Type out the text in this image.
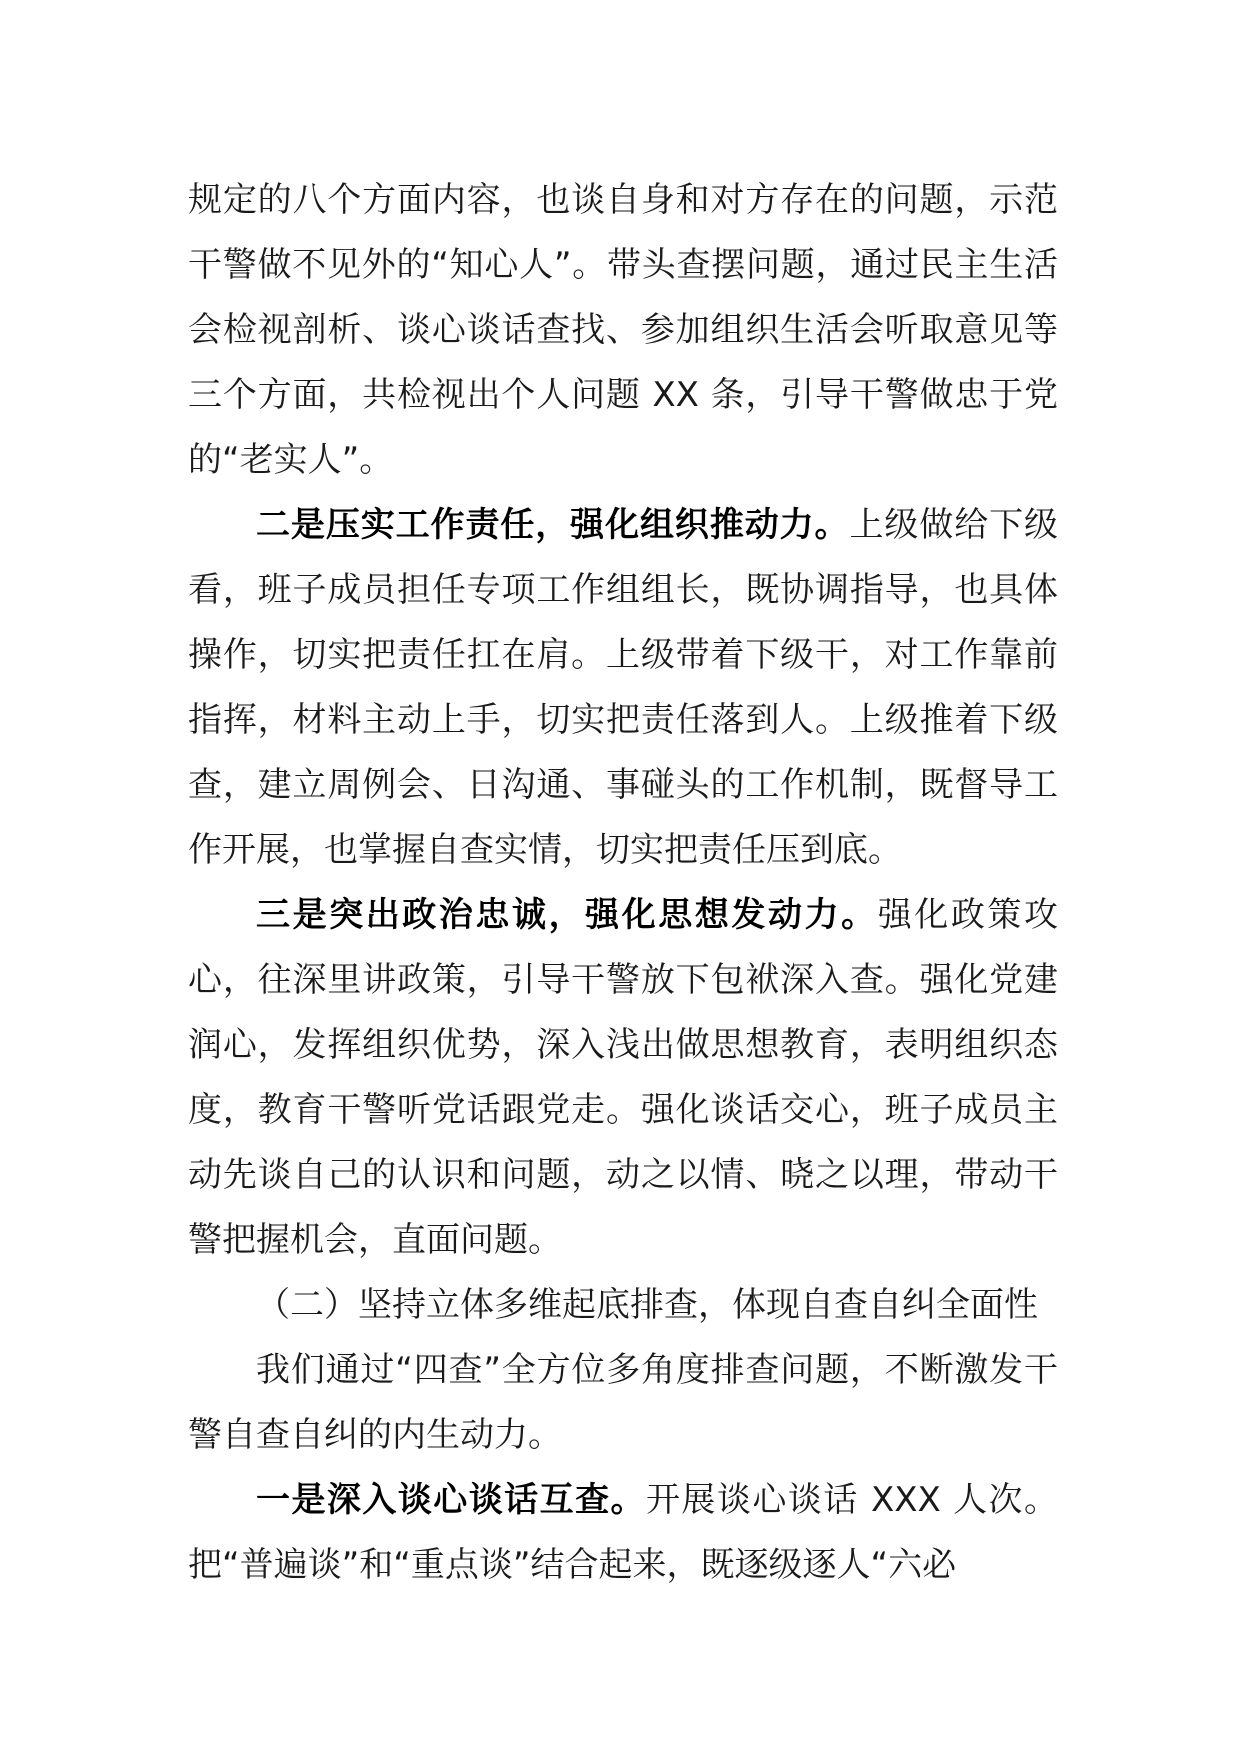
规定的八个方面内容，也谈自身和对方存在的问题，示范干警做不见外的“知心人”。带头查摆问题，通过民主生活会检视剖析、谈心谈话查找、参加组织生活会听取意见等三个方面，共检视出个人问题 XX 条，引导干警做忠于党的“老实人”。

二是压实工作责任，强化组织推动力。上级做给下级看，班子成员担任专项工作组组长，既协调指导，也具体操作，切实把责任扛在肩。上级带着下级干，对工作靠前指挥，材料主动上手，切实把责任落到人。上级推着下级查，建立周例会、日沟通、事碰头的工作机制，既督导工作开展，也掌握自查实情，切实把责任压到底。

三是突出政治忠诚，强化思想发动力。强化政策攻心，往深里讲政策，引导干警放下包袱深入查。强化党建润心，发挥组织优势，深入浅出做思想教育，表明组织态度，教育干警听党话跟党走。强化谈话交心，班子成员主动先谈自己的认识和问题，动之以情、晓之以理，带动干警把握机会，直面问题。

（二）坚持立体多维起底排查，体现自查自纠全面性

我们通过“四查”全方位多角度排查问题，不断激发干警自查自纠的内生动力。

一是深入谈心谈话互查。开展谈心谈话 XXX 人次。把“普遍谈”和“重点谈”结合起来，既逐级逐人“六必
